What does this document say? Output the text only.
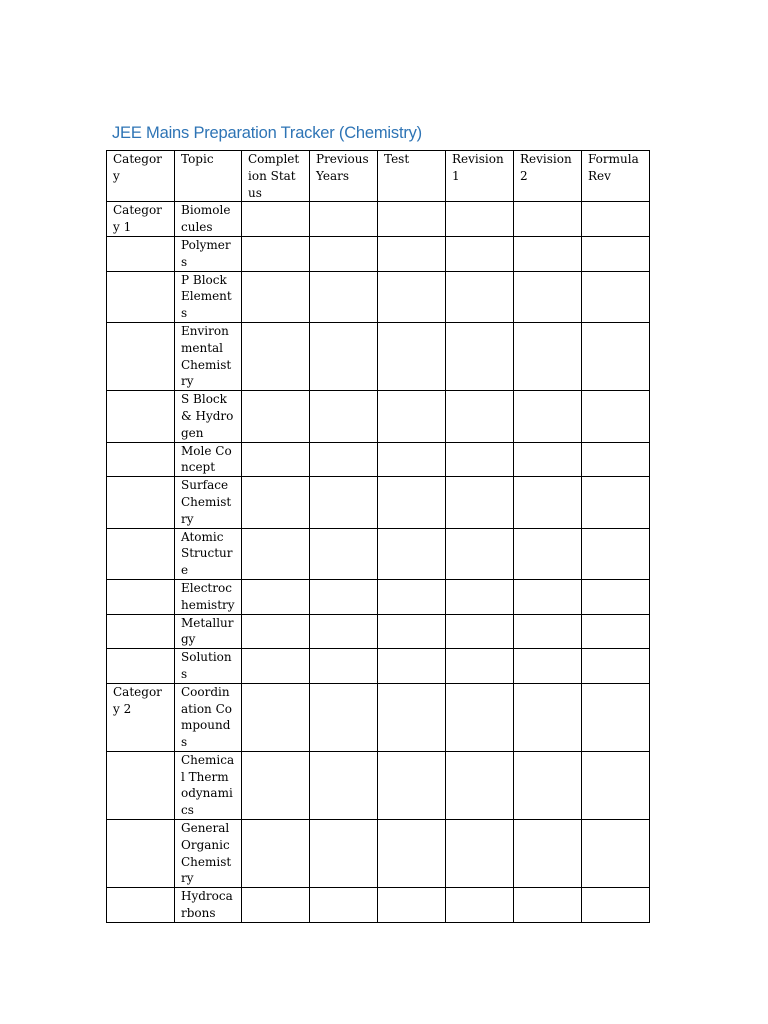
JEE Mains Preparation Tracker (Chemistry)
Category	Topic	Completion Status	Previous Years	Test	Revision 1	Revision 2	Formula Rev
Category 1	Biomolecules						
	Polymers						
	P Block Elements						
	Environmental Chemistry						
	S Block & Hydrogen						
	Mole Concept						
	Surface Chemistry						
	Atomic Structure						
	Electrochemistry						
	Metallurgy						
	Solutions						
Category 2	Coordination Compounds						
	Chemical Thermodynamics						
	General Organic Chemistry						
	Hydrocarbons						
